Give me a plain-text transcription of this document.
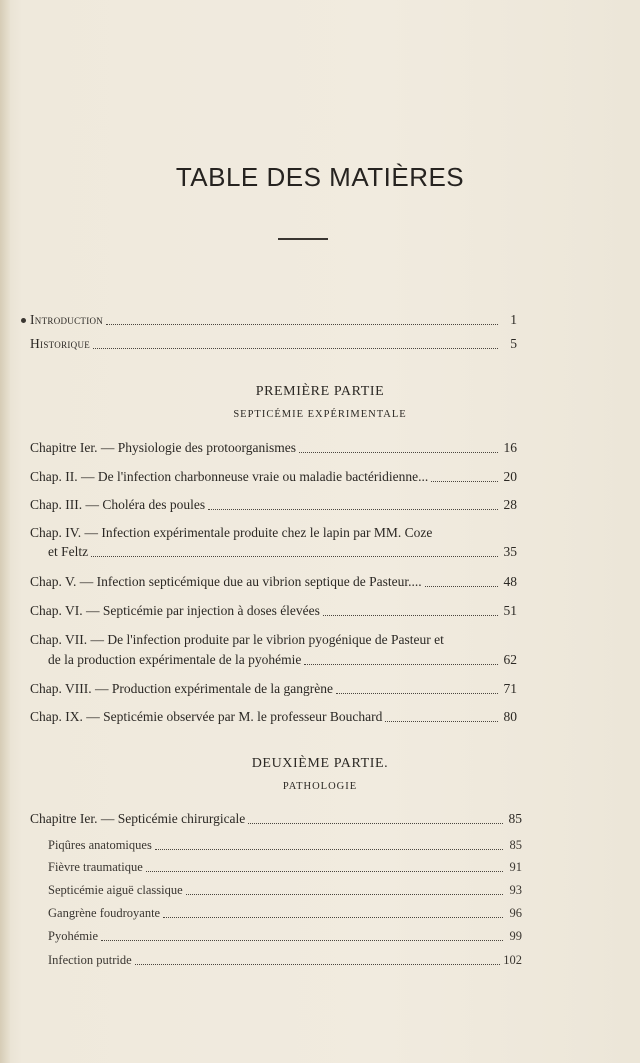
TABLE DES MATIÈRES
Introduction	1
Historique	5
PREMIÈRE PARTIE
SEPTICÉMIE EXPÉRIMENTALE
Chapitre Ier. — Physiologie des protoorganismes	16
Chap. II. — De l'infection charbonneuse vraie ou maladie bactéridienne...	20
Chap. III. — Choléra des poules	28
Chap. IV. — Infection expérimentale produite chez le lapin par MM. Coze
et Feltz	35
Chap. V. — Infection septicémique due au vibrion septique de Pasteur....	48
Chap. VI. — Septicémie par injection à doses élevées	51
Chap. VII. — De l'infection produite par le vibrion pyogénique de Pasteur et
de la production expérimentale de la pyohémie	62
Chap. VIII. — Production expérimentale de la gangrène	71
Chap. IX. — Septicémie observée par M. le professeur Bouchard	80
DEUXIÈME PARTIE.
PATHOLOGIE
Chapitre Ier. — Septicémie chirurgicale	85
Piqûres anatomiques	85
Fièvre traumatique	91
Septicémie aiguë classique	93
Gangrène foudroyante	96
Pyohémie	99
Infection putride	102
